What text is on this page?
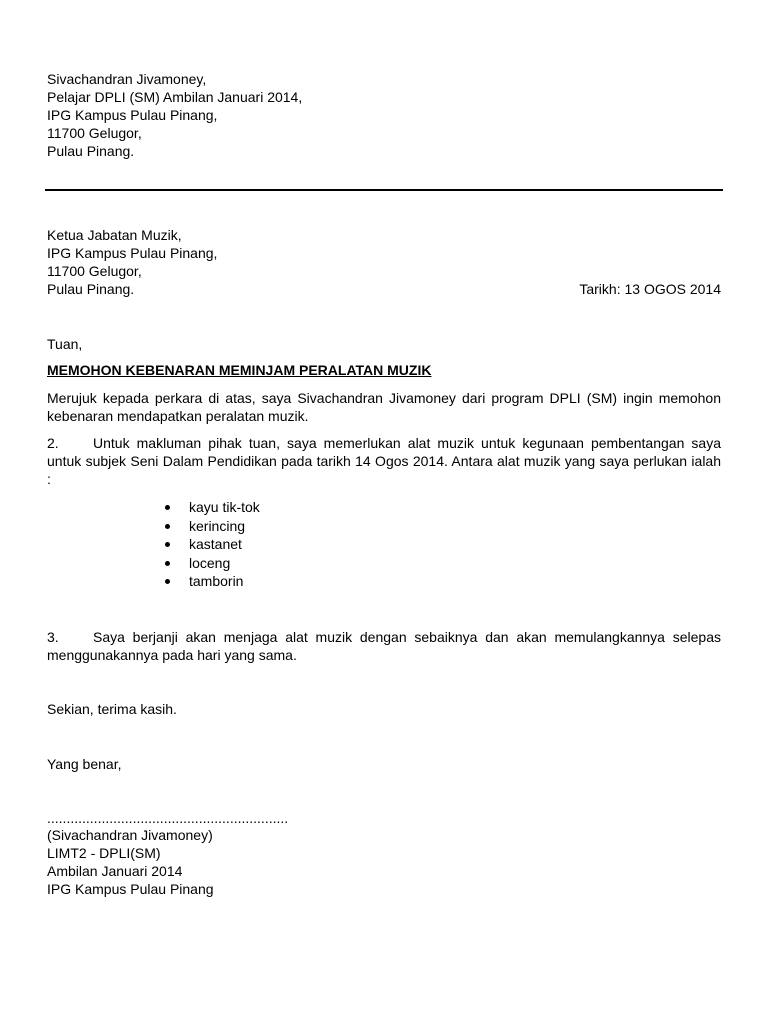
Sivachandran Jivamoney,
Pelajar DPLI (SM) Ambilan Januari 2014,
IPG Kampus Pulau Pinang,
11700 Gelugor,
Pulau Pinang.
Ketua Jabatan Muzik,
IPG Kampus Pulau Pinang,
11700 Gelugor,
Pulau Pinang.	Tarikh: 13 OGOS 2014
Tuan,
MEMOHON KEBENARAN MEMINJAM PERALATAN MUZIK
Merujuk kepada perkara di atas, saya Sivachandran Jivamoney dari program DPLI (SM) ingin memohon kebenaran mendapatkan peralatan muzik.
2. Untuk makluman pihak tuan, saya memerlukan alat muzik untuk kegunaan pembentangan saya untuk subjek Seni Dalam Pendidikan pada tarikh 14 Ogos 2014. Antara alat muzik yang saya perlukan ialah :
kayu tik-tok
kerincing
kastanet
loceng
tamborin
3. Saya berjanji akan menjaga alat muzik dengan sebaiknya dan akan memulangkannya selepas menggunakannya pada hari yang sama.
Sekian, terima kasih.
Yang benar,
..............................................................
(Sivachandran Jivamoney)
LIMT2 - DPLI(SM)
Ambilan Januari 2014
IPG Kampus Pulau Pinang
